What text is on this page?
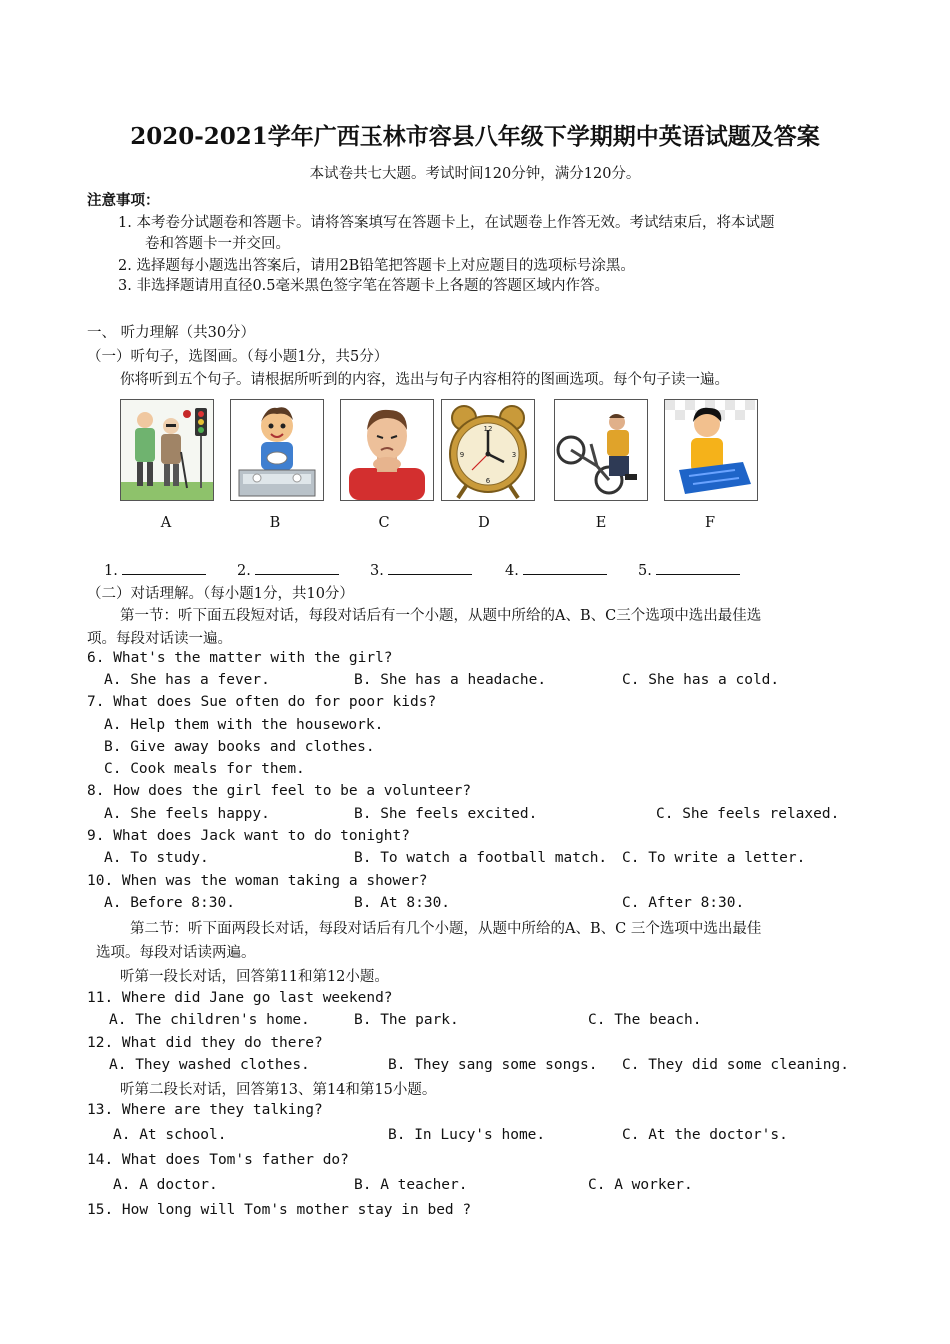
2020-2021学年广西玉林市容县八年级下学期期中英语试题及答案
本试卷共七大题。考试时间120分钟，满分120分。
注意事项：
1. 本考卷分试题卷和答题卡。请将答案填写在答题卡上，在试题卷上作答无效。考试结束后，将本试题
卷和答题卡一并交回。
2. 选择题每小题选出答案后，请用2B铅笔把答题卡上对应题目的选项标号涂黑。
3. 非选择题请用直径0.5毫米黑色签字笔在答题卡上各题的答题区域内作答。
一、 听力理解（共30分）
（一）听句子，选图画。（每小题1分，共5分）
你将听到五个句子。请根据所听到的内容，选出与句子内容相符的图画选项。每个句子读一遍。
12
3
6
9
A	B	C	D	E	F
1.	2.	3.	4.	5.
（二）对话理解。（每小题1分，共10分）
第一节：听下面五段短对话，每段对话后有一个小题，从题中所给的A、B、C三个选项中选出最佳选
项。每段对话读一遍。
6. What's the matter with the girl?
A. She has a fever.	B. She has a headache.	C. She has a cold.
7. What does Sue often do for poor kids?
A. Help them with the housework.
B. Give away books and clothes.
C. Cook meals for them.
8. How does the girl feel to be a volunteer?
A. She feels happy.	B. She feels excited.	C. She feels relaxed.
9. What does Jack want to do tonight?
A. To study.	B. To watch a football match. C. To write a letter.
10. When was the woman taking a shower?
A. Before 8:30.	B. At 8:30.	C. After 8:30.
第二节：听下面两段长对话，每段对话后有几个小题，从题中所给的A、B、C 三个选项中选出最佳
选项。每段对话读两遍。
听第一段长对话，回答第11和第12小题。
11. Where did Jane go last weekend?
A. The children's home.	B. The park.	C. The beach.
12. What did they do there?
A. They washed clothes.	B. They sang some songs. C. They did some cleaning.
听第二段长对话，回答第13、第14和第15小题。
13. Where are they talking?
A. At school.	B. In Lucy's home.	C. At the doctor's.
14. What does Tom's father do?
A. A doctor.	B. A teacher.	C. A worker.
15. How long will Tom's mother stay in bed ?
